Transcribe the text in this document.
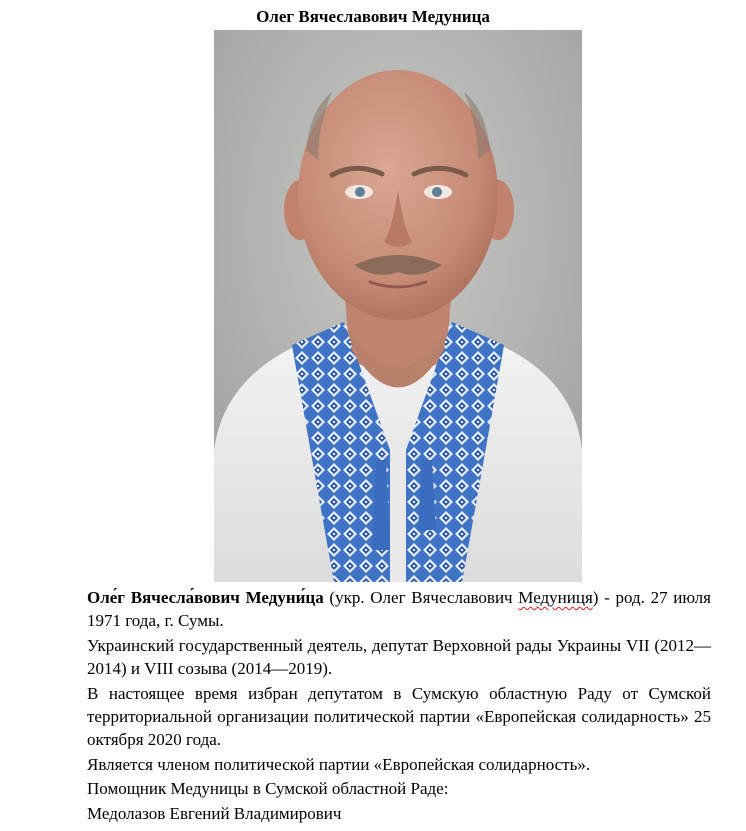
Олег Вячеславович Медуница

Оле́г Вячесла́вович Медуни́ца (укр. Олег Вячеславович Медуниця) - род. 27 июля 1971 года, г. Сумы.

Украинский государственный деятель, депутат Верховной рады Украины VII (2012—2014) и VIII созыва (2014—2019).

В настоящее время избран депутатом в Сумскую областную Раду от Сумской территориальной организации политической партии «Европейская солидарность» 25 октября 2020 года.

Является членом политической партии «Европейская солидарность».

Помощник Медуницы в Сумской областной Раде:

Медолазов Евгений Владимирович
